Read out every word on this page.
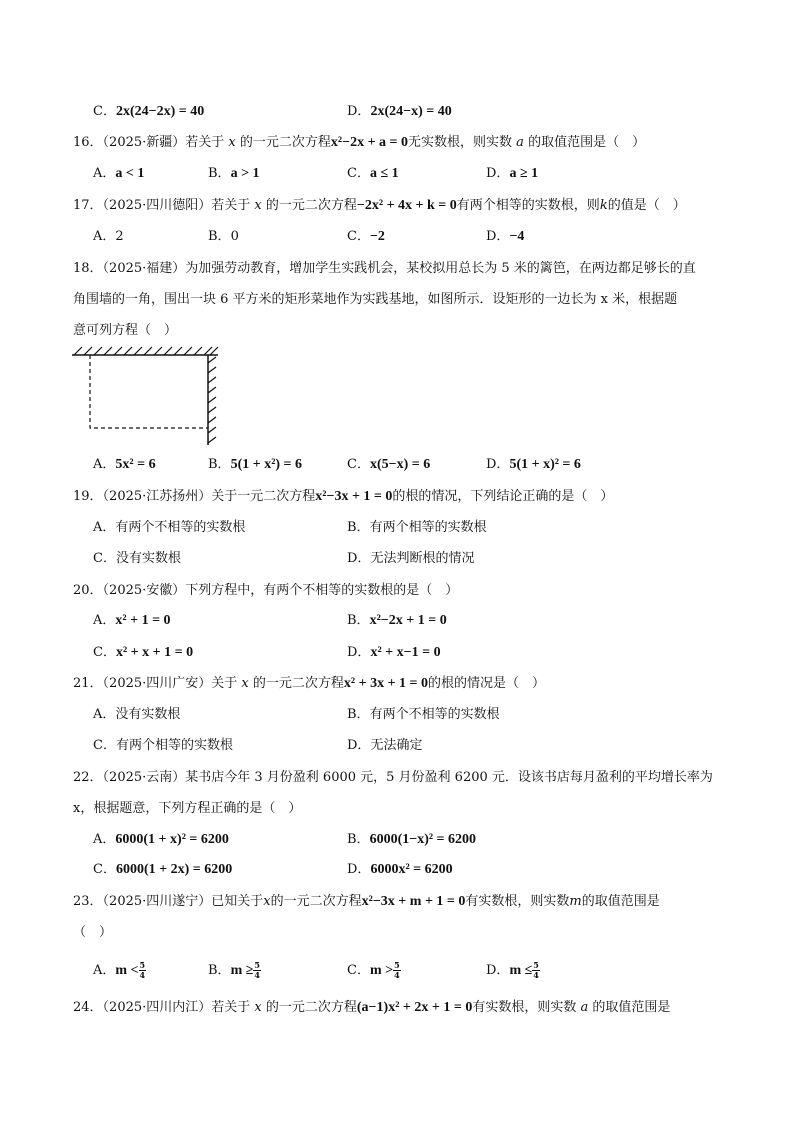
C．2x(24−2x) = 40	D．2x(24−x) = 40
16．（2025·新疆）若关于 x 的一元二次方程x²−2x + a = 0无实数根，则实数 a 的取值范围是（　）
A．a < 1	B．a > 1	C．a ≤ 1	D．a ≥ 1
17．（2025·四川德阳）若关于 x 的一元二次方程−2x² + 4x + k = 0有两个相等的实数根，则k的值是（　）
A．2	B．0	C．−2	D．−4
18．（2025·福建）为加强劳动教育，增加学生实践机会，某校拟用总长为 5 米的篱笆，在两边都足够长的直
角围墙的一角，围出一块 6 平方米的矩形菜地作为实践基地，如图所示．设矩形的一边长为 x 米，根据题
意可列方程（　）
A．5x² = 6	B．5(1 + x²) = 6	C．x(5−x) = 6	D．5(1 + x)² = 6
19．（2025·江苏扬州）关于一元二次方程x²−3x + 1 = 0的根的情况，下列结论正确的是（　）
A．有两个不相等的实数根	B．有两个相等的实数根
C．没有实数根	D．无法判断根的情况
20．（2025·安徽）下列方程中，有两个不相等的实数根的是（　）
A．x² + 1 = 0	B．x²−2x + 1 = 0
C．x² + x + 1 = 0	D．x² + x−1 = 0
21．（2025·四川广安）关于 x 的一元二次方程x² + 3x + 1 = 0的根的情况是（　）
A．没有实数根	B．有两个不相等的实数根
C．有两个相等的实数根	D．无法确定
22．（2025·云南）某书店今年 3 月份盈利 6000 元，5 月份盈利 6200 元．设该书店每月盈利的平均增长率为
x，根据题意，下列方程正确的是（　）
A．6000(1 + x)² = 6200	B．6000(1−x)² = 6200
C．6000(1 + 2x) = 6200	D．6000x² = 6200
23．（2025·四川遂宁）已知关于x的一元二次方程x²−3x + m + 1 = 0有实数根，则实数m的取值范围是
（　）
A．$m < \frac{5}{4}$	B．$m \ge \frac{5}{4}$	C．$m > \frac{5}{4}$	D．$m \le \frac{5}{4}$
24．（2025·四川内江）若关于 x 的一元二次方程(a−1)x² + 2x + 1 = 0有实数根，则实数 a 的取值范围是
